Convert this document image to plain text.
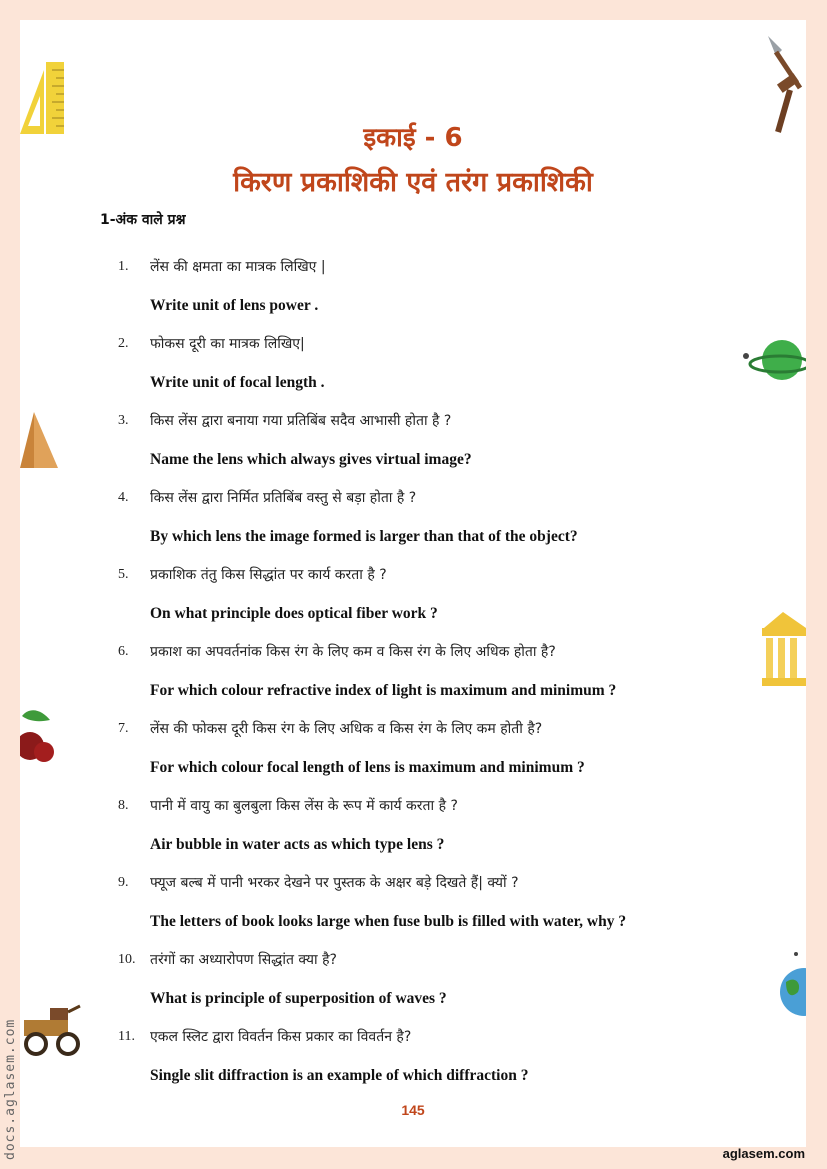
इकाई - 6
किरण प्रकाशिकी एवं तरंग प्रकाशिकी
1-अंक वाले प्रश्न
1.	लेंस की क्षमता का मात्रक लिखिए |
Write unit of lens power .
2.	फोकस दूरी का मात्रक लिखिए|
Write unit of focal length .
3.	किस लेंस द्वारा बनाया गया प्रतिबिंब सदैव आभासी होता है ?
Name the lens which always gives virtual image?
4.	किस लेंस द्वारा निर्मित प्रतिबिंब वस्तु से बड़ा होता है ?
By which lens the image formed is larger than that of the object?
5.	प्रकाशिक तंतु किस सिद्धांत पर कार्य करता है ?
On what principle does optical fiber work ?
6.	प्रकाश का अपवर्तनांक किस रंग के लिए कम व किस रंग के लिए अधिक होता है?
For which colour refractive index of light is maximum and minimum ?
7.	लेंस की फोकस दूरी किस रंग के लिए अधिक व किस रंग के लिए कम होती है?
For which colour focal length of lens is maximum and minimum ?
8.	पानी में वायु का बुलबुला किस लेंस के रूप में कार्य करता है ?
Air bubble in water acts as which type lens ?
9.	फ्यूज बल्ब में पानी भरकर देखने पर पुस्तक के अक्षर बड़े दिखते हैं| क्यों ?
The letters of book looks large when fuse bulb is filled with water, why ?
10.	तरंगों का अध्यारोपण सिद्धांत क्या है?
What is principle of superposition of waves ?
11.	एकल स्लिट द्वारा विवर्तन किस प्रकार का विवर्तन है?
Single slit diffraction is an example of which diffraction ?
145
aglasem.com
docs.aglasem.com
